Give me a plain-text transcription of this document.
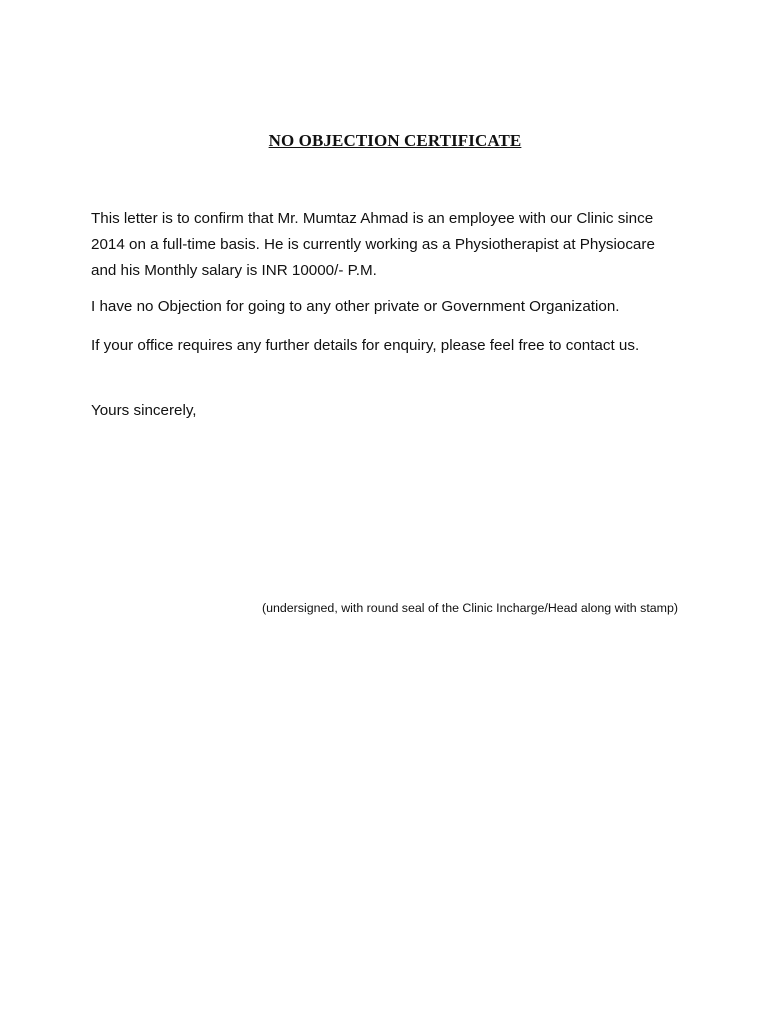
NO OBJECTION CERTIFICATE

This letter is to confirm that Mr. Mumtaz Ahmad is an employee with our Clinic since 2014 on a full-time basis. He is currently working as a Physiotherapist at Physiocare and his Monthly salary is INR 10000/- P.M.

I have no Objection for going to any other private or Government Organization.

If your office requires any further details for enquiry, please feel free to contact us.

Yours sincerely,

(undersigned, with round seal of the Clinic Incharge/Head along with stamp)
